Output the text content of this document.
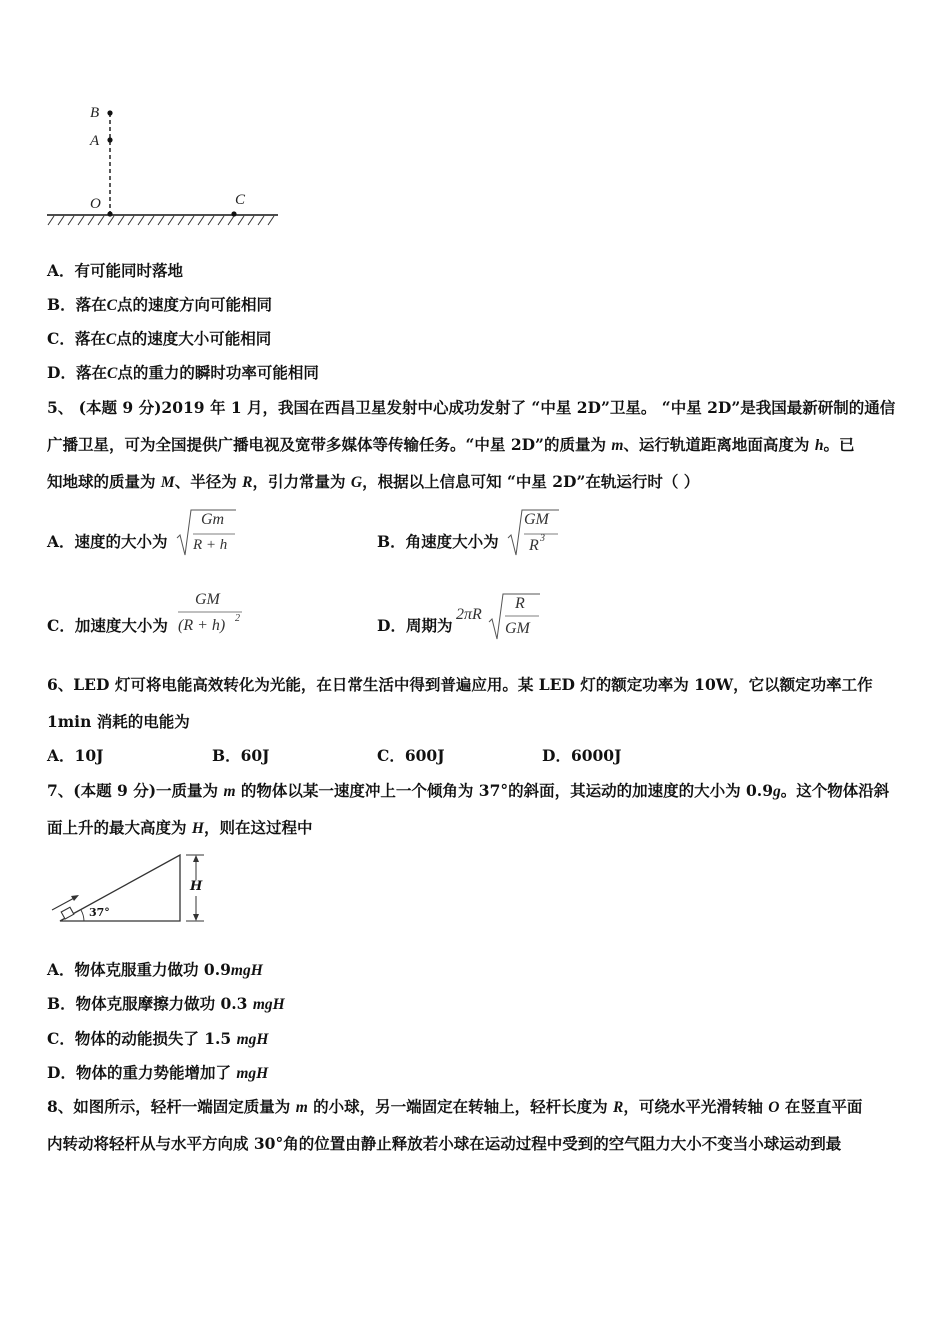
B
A
O	C
A．有可能同时落地
B．落在C点的速度方向可能相同
C．落在C点的速度大小可能相同
D．落在C点的重力的瞬时功率可能相同
5、 (本题 9 分)2019 年 1 月，我国在西昌卫星发射中心成功发射了 “中星 2D”卫星。 “中星 2D”是我国最新研制的通信
广播卫星，可为全国提供广播电视及宽带多媒体等传输任务。“中星 2D”的质量为 m、运行轨道距离地面高度为 h。已
知地球的质量为 M、半径为 R，引力常量为 G，根据以上信息可知 “中星 2D”在轨运行时（ ）
A．速度的大小为
Gm
R + h	B．角速度大小为
GM
R 3
C．加速度大小为
GM
(R + h) 2	D．周期为
2πR
R
GM
6、LED 灯可将电能高效转化为光能，在日常生活中得到普遍应用。某 LED 灯的额定功率为 10W，它以额定功率工作
1min 消耗的电能为
A．10J	B．60J	C．600J	D．6000J
7、(本题 9 分)一质量为 m 的物体以某一速度冲上一个倾角为 37°的斜面，其运动的加速度的大小为 0.9g。这个物体沿斜
面上升的最大高度为 H，则在这过程中
37°
H
A．物体克服重力做功 0.9mgH
B．物体克服摩擦力做功 0.3 mgH
C．物体的动能损失了 1.5 mgH
D．物体的重力势能增加了 mgH
8、如图所示，轻杆一端固定质量为 m 的小球，另一端固定在转轴上，轻杆长度为 R，可绕水平光滑转轴 O 在竖直平面
内转动将轻杆从与水平方向成 30°角的位置由静止释放若小球在运动过程中受到的空气阻力大小不变当小球运动到最
